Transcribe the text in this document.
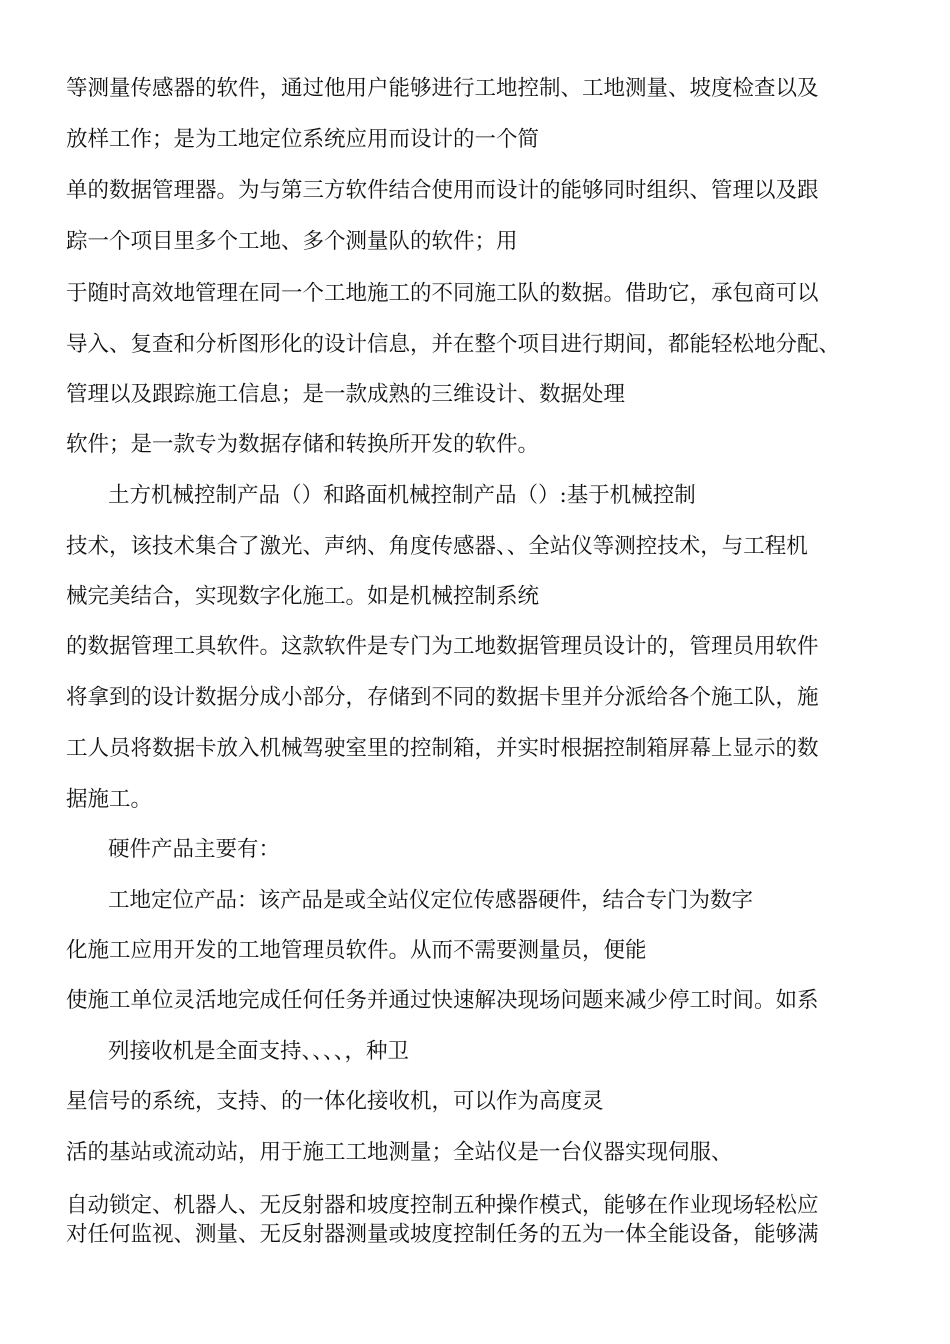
等测量传感器的软件，通过他用户能够进行工地控制、工地测量、坡度检查以及

放样工作；是为工地定位系统应用而设计的一个简

单的数据管理器。为与第三方软件结合使用而设计的能够同时组织、管理以及跟

踪一个项目里多个工地、多个测量队的软件；用

于随时高效地管理在同一个工地施工的不同施工队的数据。借助它，承包商可以

导入、复查和分析图形化的设计信息，并在整个项目进行期间，都能轻松地分配、

管理以及跟踪施工信息；是一款成熟的三维设计、数据处理

软件；是一款专为数据存储和转换所开发的软件。

土方机械控制产品（）和路面机械控制产品（）:基于机械控制

技术，该技术集合了激光、声纳、角度传感器、、全站仪等测控技术，与工程机

械完美结合，实现数字化施工。如是机械控制系统

的数据管理工具软件。这款软件是专门为工地数据管理员设计的，管理员用软件

将拿到的设计数据分成小部分，存储到不同的数据卡里并分派给各个施工队，施

工人员将数据卡放入机械驾驶室里的控制箱，并实时根据控制箱屏幕上显示的数

据施工。

硬件产品主要有：

工地定位产品：该产品是或全站仪定位传感器硬件，结合专门为数字

化施工应用开发的工地管理员软件。从而不需要测量员，便能

使施工单位灵活地完成任何任务并通过快速解决现场问题来减少停工时间。如系

列接收机是全面支持、、、、，种卫

星信号的系统，支持、的一体化接收机，可以作为高度灵

活的基站或流动站，用于施工工地测量；全站仪是一台仪器实现伺服、

自动锁定、机器人、无反射器和坡度控制五种操作模式，能够在作业现场轻松应

对任何监视、测量、无反射器测量或坡度控制任务的五为一体全能设备，能够满
